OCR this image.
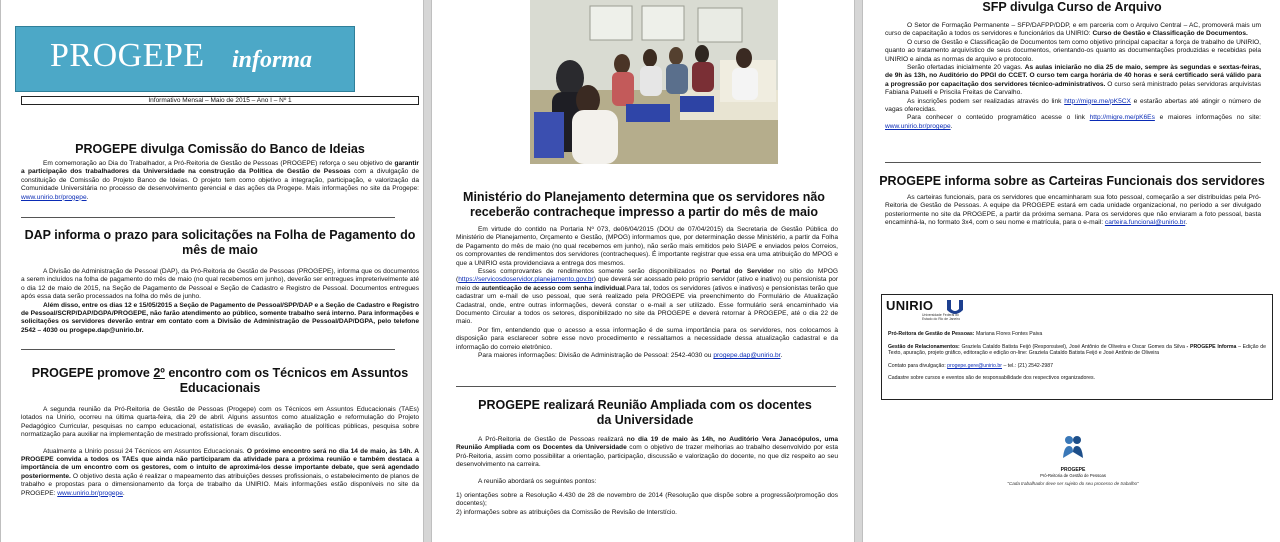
PROGEPE informa
Informativo Mensal – Maio de 2015 – Ano I – Nº 1
PROGEPE divulga Comissão do Banco de Ideias

Em comemoração ao Dia do Trabalhador, a Pró-Reitoria de Gestão de Pessoas (PROGEPE) reforça o seu objetivo de garantir a participação dos trabalhadores da Universidade na construção da Política de Gestão de Pessoas com a divulgação de constituição de Comissão do Projeto Banco de Ideias. O projeto tem como objetivo a integração, participação, e valorização da Comunidade Universitária no processo de desenvolvimento gerencial e das ações da Progepe. Mais informações no site da Progepe: www.unirio.br/progepe.

DAP informa o prazo para solicitações na Folha de Pagamento do mês de maio

A Divisão de Administração de Pessoal (DAP), da Pró-Reitoria de Gestão de Pessoas (PROGEPE), informa que os documentos a serem incluídos na folha de pagamento do mês de maio (no qual recebemos em junho), deverão ser entregues impreterivelmente até o dia 12 de maio de 2015, na Seção de Pagamento de Pessoal e Seção de Cadastro e Registro de Pessoal. Documentos entregues após essa data serão processados na folha do mês de junho.

Além disso, entre os dias 12 e 15/05/2015 a Seção de Pagamento de Pessoal/SPP/DAP e a Seção de Cadastro e Registro de Pessoal/SCRP/DAP/DGPA/PROGEPE, não farão atendimento ao público, somente trabalho será interno. Para informações e solicitações os servidores deverão entrar em contato com a Divisão de Administração de Pessoal/DAP/DGPA, pelo telefone 2542 – 4030 ou progepe.dap@unirio.br.

PROGEPE promove 2º encontro com os Técnicos em Assuntos Educacionais

A segunda reunião da Pró-Reitoria de Gestão de Pessoas (Progepe) com os Técnicos em Assuntos Educacionais (TAEs) lotados na Unirio, ocorreu na última quarta-feira, dia 29 de abril. Alguns assuntos como atualização e reformulação do Projeto Pedagógico Curricular, pesquisas no campo educacional, estatísticas de evasão, avaliação de políticas públicas, pesquisa sobre normatização para auxiliar na implementação de mestrado profissional, foram discutidos.

Atualmente a Unirio possui 24 Técnicos em Assuntos Educacionais. O próximo encontro será no dia 14 de maio, às 14h. A PROGEPE convida a todos os TAEs que ainda não participaram da atividade para a próxima reunião e também destaca a importância de um encontro com os gestores, com o intuito de aproximá-los desse importante debate, que será agendado posteriormente. O objetivo desta ação é realizar o mapeamento das atribuições desses profissionais, o estabelecimento de planos de trabalho e propostas para o dimensionamento da força de trabalho da UNIRIO. Mais informações estão disponíveis no site da PROGEPE: www.unirio.br/progepe.

Ministério do Planejamento determina que os servidores não receberão contracheque impresso a partir do mês de maio

Em virtude do contido na Portaria Nº 073, de06/04/2015 (DOU de 07/04/2015) da Secretaria de Gestão Pública do Ministério de Planejamento, Orçamento e Gestão, (MPOG) informamos que, por determinação desse Ministério, a partir da Folha de Pagamento do mês de maio (no qual recebemos em junho), não serão mais emitidos pelo SIAPE e enviados pelos Correios, os comprovantes de rendimentos dos servidores (contracheques). É importante registrar que essa era uma atribuição do MPOG e que a UNIRIO esta providenciava a entrega dos mesmos.

Esses comprovantes de rendimentos somente serão disponibilizados no Portal do Servidor no sítio do MPOG (https://servicosdoservidor.planejamento.gov.br) que deverá ser acessado pelo próprio servidor (ativo e inativo) ou pensionista por meio de autenticação de acesso com senha individual.Para tal, todos os servidores (ativos e inativos) e pensionistas terão que cadastrar um e-mail de uso pessoal, que será realizado pela PROGEPE via preenchimento do Formulário de Atualização Cadastral, onde, entre outras informações, deverá constar o e-mail a ser utilizado. Esse formulário será encaminhado via Documento Circular a todos os setores, disponibilizado no site da PROGEPE e deverá retornar à PROGEPE, até o dia 22 de maio.

Por fim, entendendo que o acesso a essa informação é de suma importância para os servidores, nos colocamos à disposição para esclarecer sobre esse novo procedimento e ressaltamos a necessidade dessa atualização cadastral e da informação do correio eletrônico.

Para maiores informações: Divisão de Administração de Pessoal: 2542-4030 ou progepe.dap@unirio.br.

PROGEPE realizará Reunião Ampliada com os docentes da Universidade

A Pró-Reitoria de Gestão de Pessoas realizará no dia 19 de maio às 14h, no Auditório Vera Janacópulos, uma Reunião Ampliada com os Docentes da Universidade com o objetivo de trazer melhorias ao trabalho desenvolvido por esta Pró-Reitoria, assim como possibilitar a orientação, participação, discussão e valorização do docente, no que diz respeito ao seu desenvolvimento na carreira.

A reunião abordará os seguintes pontos:

1) orientações sobre a Resolução 4.430 de 28 de novembro de 2014 (Resolução que dispõe sobre a progressão/promoção dos docentes);

2) informações sobre as atribuições da Comissão de Revisão de Interstício.

SFP divulga Curso de Arquivo

O Setor de Formação Permanente – SFP/DAFPP/DDP, e em parceria com o Arquivo Central – AC, promoverá mais um curso de capacitação a todos os servidores e funcionários da UNIRIO: Curso de Gestão e Classificação de Documentos.

O curso de Gestão e Classificação de Documentos tem como objetivo principal capacitar a força de trabalho de UNIRIO, quanto ao tratamento arquivístico de seus documentos, orientando-os quanto as documentações produzidas e recebidas pela UNIRIO e ainda as normas de arquivo e protocolo.

Serão ofertadas inicialmente 20 vagas. As aulas iniciarão no dia 25 de maio, sempre às segundas e sextas-feiras, de 9h às 13h, no Auditório do PPGI do CCET. O curso tem carga horária de 40 horas e será certificado será válido para a progressão por capacitação dos servidores técnico-administrativos. O curso será ministrado pelas servidoras arquivistas Fabiana Patuelli e Priscila Freitas de Carvalho.

As inscrições podem ser realizadas através do link http://migre.me/pK5CX e estarão abertas até atingir o número de vagas oferecidas.

Para conhecer o conteúdo programático acesse o link http://migre.me/pK6Es e maiores informações no site: www.unirio.br/progepe.

PROGEPE informa sobre as Carteiras Funcionais dos servidores

As carteiras funcionais, para os servidores que encaminharam sua foto pessoal, começarão a ser distribuídas pela Pró-Reitoria de Gestão de Pessoas. A equipe da PROGEPE estará em cada unidade organizacional, no período a ser divulgado posteriormente no site da PROGEPE, a partir da próxima semana. Para os servidores que não enviaram a foto pessoal, basta encaminhá-la, no formato 3x4, com o seu nome e matrícula, para o e-mail: carteira.funcional@unirio.br.

UNIRIO
Universidade Federal do Estado do Rio de Janeiro

Pró-Reitora de Gestão de Pessoas: Mariana Flores Fontes Paiva

Gestão de Relacionamentos: Graziela Cataldo Batista Feijó (Responsável), José Antônio de Oliveira e Oscar Gomes da Silva - PROGEPE Informa – Edição de Texto, apuração, projeto gráfico, editoração e edição on-line: Graziela Cataldo Batista Feijó e José Antônio de Oliveira

Contato para divulgação: progepe.gere@unirio.br – tel.: (21) 2542-2987

Cadastre sobre cursos e eventos são de responsabilidade dos respectivos organizadores.

PROGEPE
Pró-Reitoria de Gestão de Pessoas
"Cada trabalhador deve ser sujeito do seu processo de trabalho"
